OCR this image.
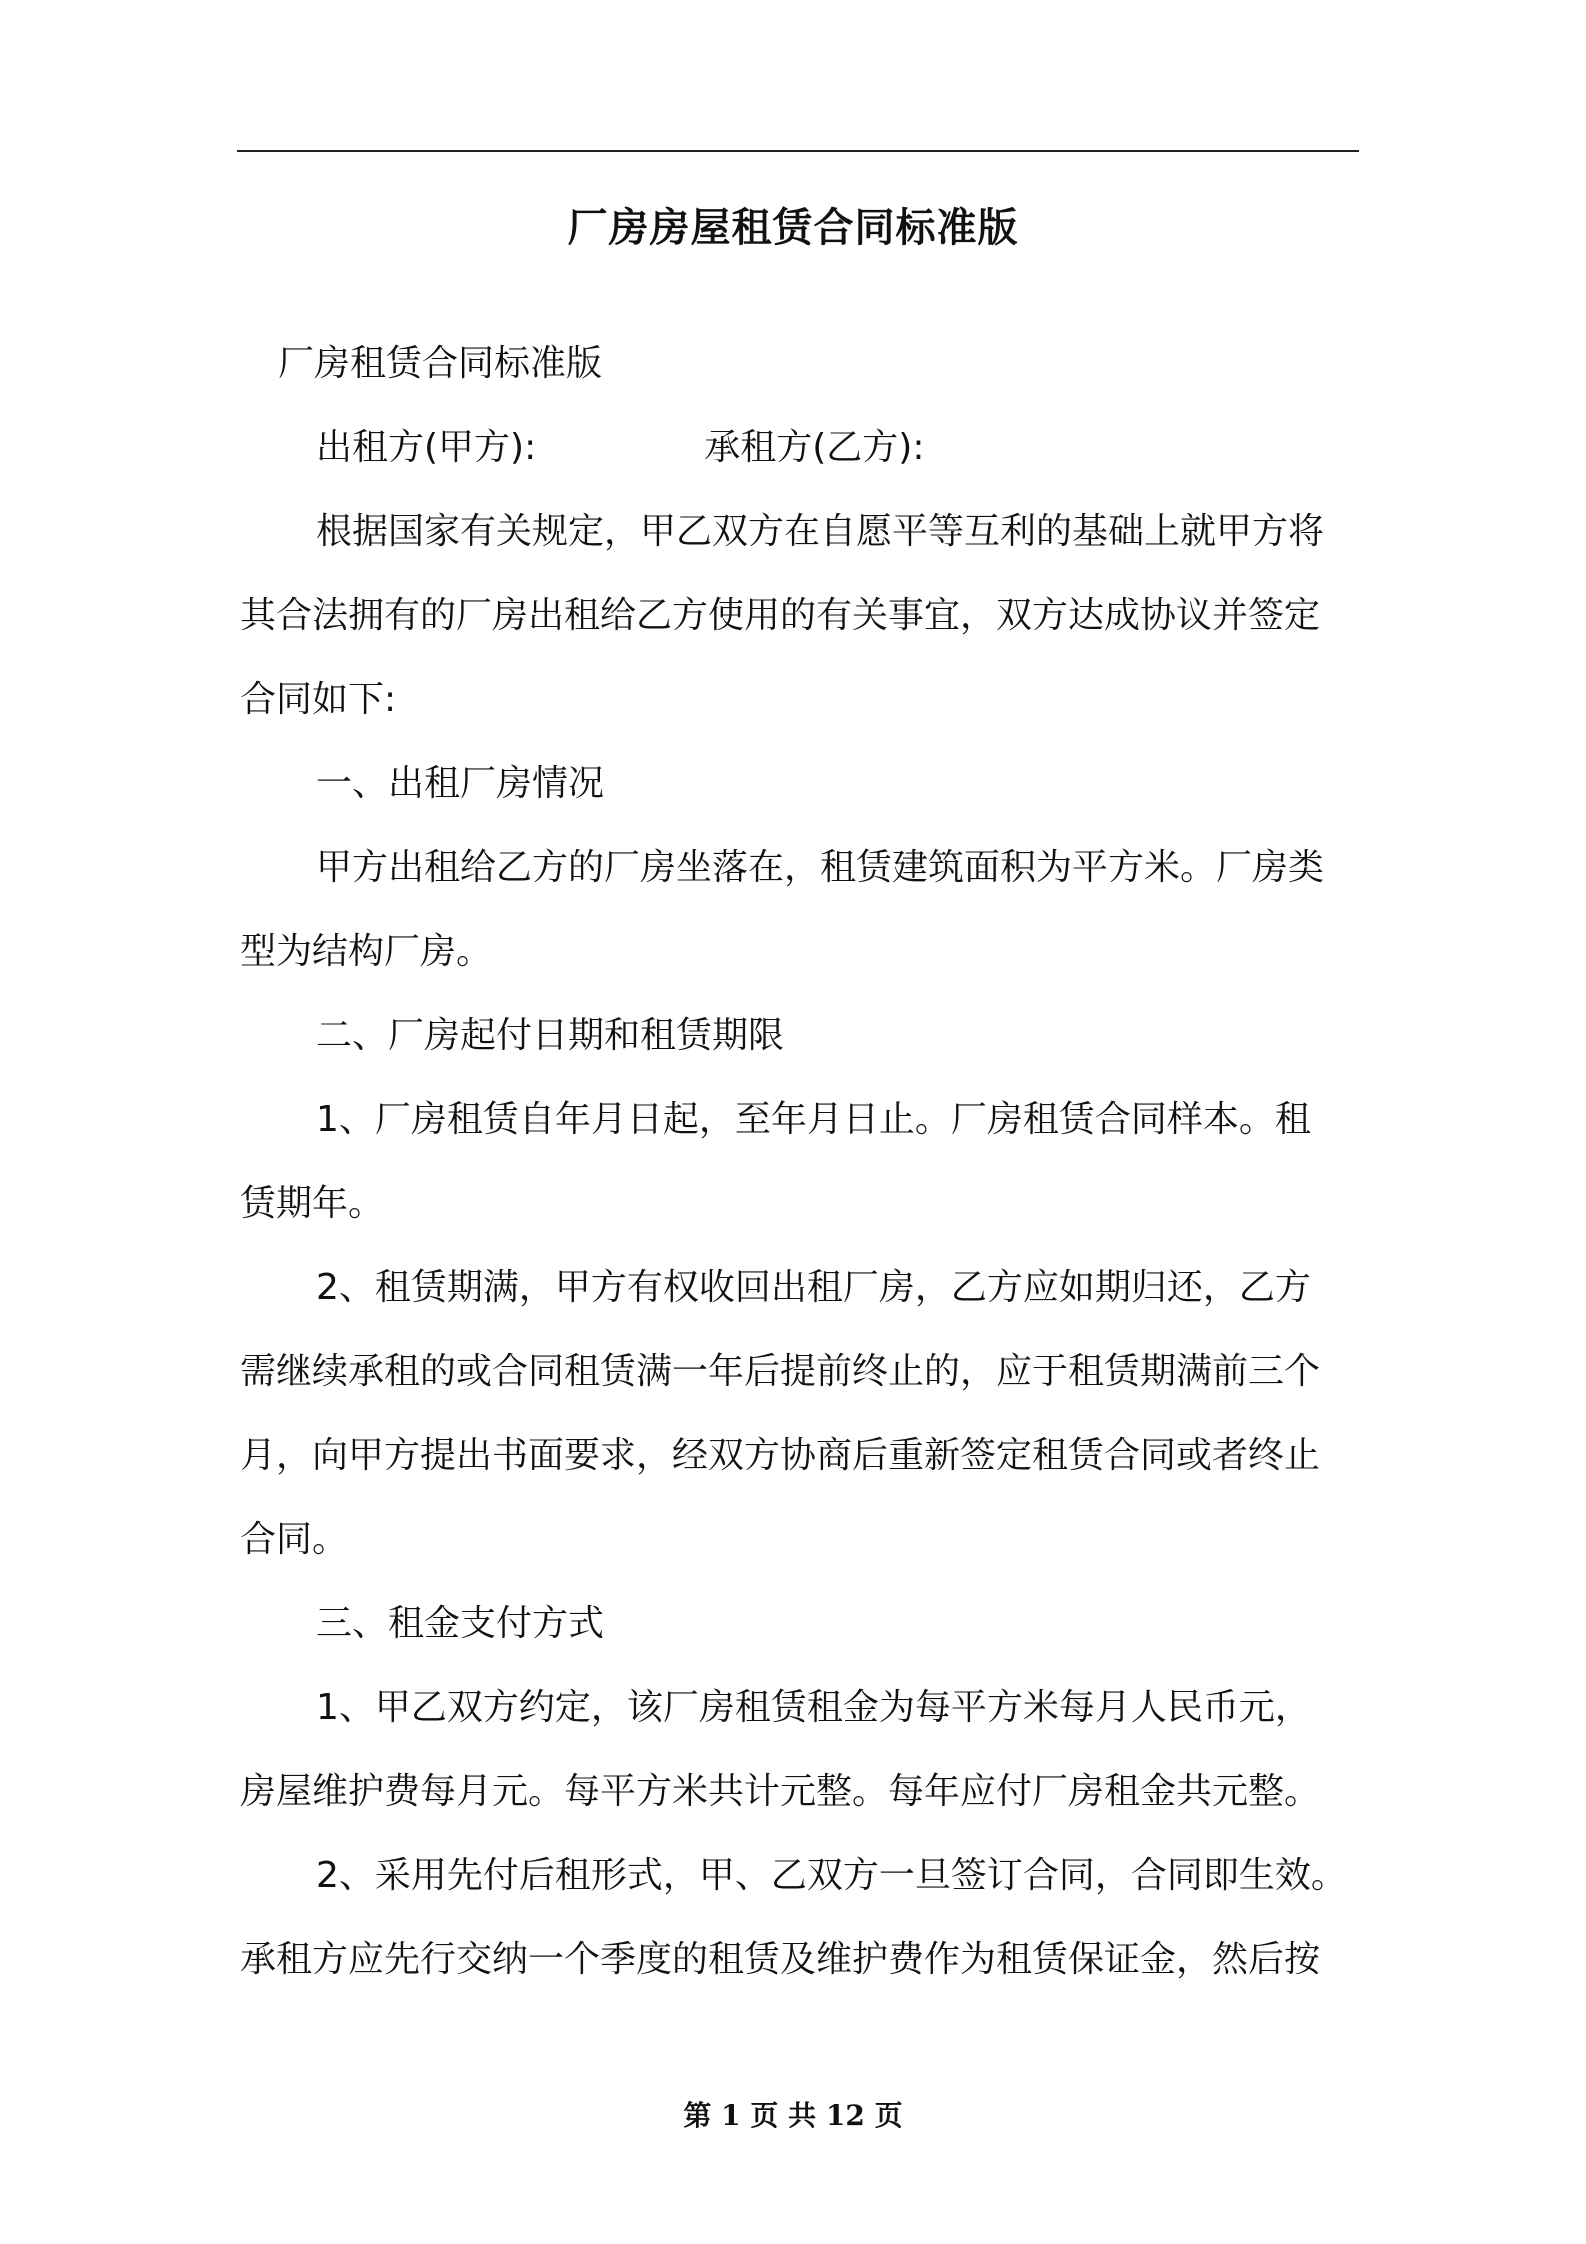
厂房房屋租赁合同标准版
厂房租赁合同标准版
出租方(甲方):	承租方(乙方):
根据国家有关规定，甲乙双方在自愿平等互利的基础上就甲方将
其合法拥有的厂房出租给乙方使用的有关事宜，双方达成协议并签定
合同如下:
一、出租厂房情况
甲方出租给乙方的厂房坐落在，租赁建筑面积为平方米。厂房类
型为结构厂房。
二、厂房起付日期和租赁期限
1、厂房租赁自年月日起，至年月日止。厂房租赁合同样本。租
赁期年。
2、租赁期满，甲方有权收回出租厂房，乙方应如期归还，乙方
需继续承租的或合同租赁满一年后提前终止的，应于租赁期满前三个
月，向甲方提出书面要求，经双方协商后重新签定租赁合同或者终止
合同。
三、租金支付方式
1、甲乙双方约定，该厂房租赁租金为每平方米每月人民币元，
房屋维护费每月元。每平方米共计元整。每年应付厂房租金共元整。
2、采用先付后租形式，甲、乙双方一旦签订合同，合同即生效。
承租方应先行交纳一个季度的租赁及维护费作为租赁保证金，然后按
第 1 页 共 12 页
